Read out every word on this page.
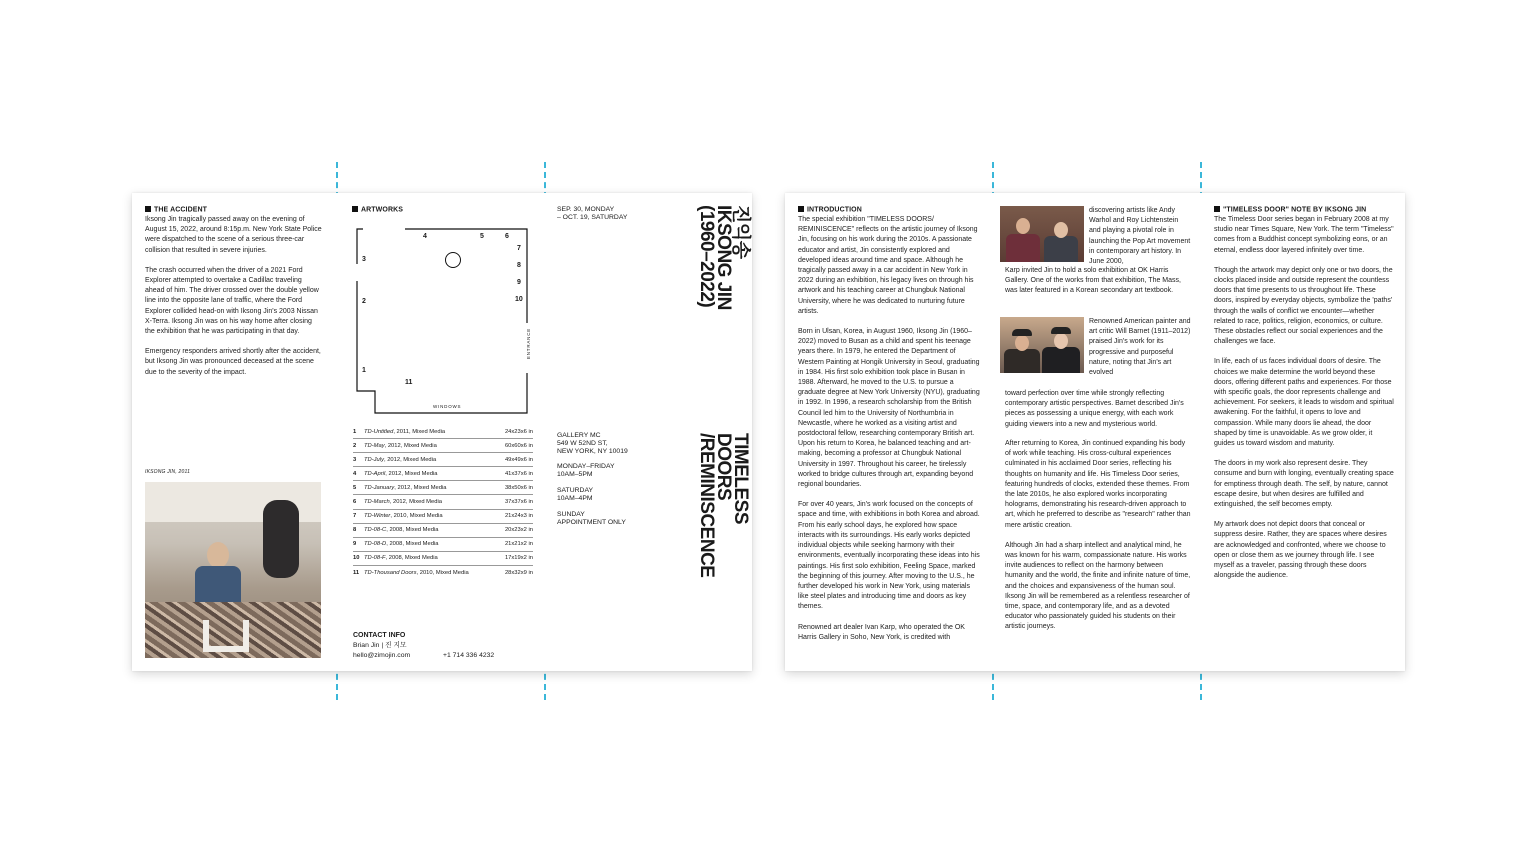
THE ACCIDENT

Iksong Jin tragically passed away on the evening of August 15, 2022, around 8:15p.m. New York State Police were dispatched to the scene of a serious three-car collision that resulted in severe injuries.

The crash occurred when the driver of a 2021 Ford Explorer attempted to overtake a Cadillac traveling ahead of him. The driver crossed over the double yellow line into the opposite lane of traffic, where the Ford Explorer collided head-on with Iksong Jin's 2003 Nissan X-Terra. Iksong Jin was on his way home after closing the exhibition that he was participating in that day.

Emergency responders arrived shortly after the accident, but Iksong Jin was pronounced deceased at the scene due to the severity of the impact.

IKSONG JIN, 2011
ARTWORKS
4	5	6
7
8
9
10
3
2
1
11
ENTRANCE
WINDOWS
1	TD-Untitled, 2011, Mixed Media	24x23x6 in
2	TD-May, 2012, Mixed Media	60x60x6 in
3	TD-July, 2012, Mixed Media	49x49x6 in
4	TD-April, 2012, Mixed Media	41x37x6 in
5	TD-January, 2012, Mixed Media	38x50x6 in
6	TD-March, 2012, Mixed Media	37x37x6 in
7	TD-Winter, 2010, Mixed Media	21x24x3 in
8	TD-08-C, 2008, Mixed Media	20x23x2 in
9	TD-08-D, 2008, Mixed Media	21x21x2 in
10 TD-08-F, 2008, Mixed Media	17x19x2 in
11 TD-Thousand Doors, 2010, Mixed Media	28x32x9 in
CONTACT INFO
Brian Jin | 진 지모
hello@zimojin.com	+1 714 336 4232
SEP. 30, MONDAY
– OCT. 19, SATURDAY
GALLERY MC
549 W 52ND ST,
NEW YORK, NY 10019
MONDAY–FRIDAY
10AM–5PM
SATURDAY
10AM–4PM
SUNDAY
APPOINTMENT ONLY
진익송
IKSONG JIN
(1960–2022)
TIMELESS
DOORS
/REMINISCENCE
INTRODUCTION

The special exhibition "TIMELESS DOORS/ REMINISCENCE" reflects on the artistic journey of Iksong Jin, focusing on his work during the 2010s. A passionate educator and artist, Jin consistently explored and developed ideas around time and space. Although he tragically passed away in a car accident in New York in 2022 during an exhibition, his legacy lives on through his artwork and his teaching career at Chungbuk National University, where he was dedicated to nurturing future artists.

Born in Ulsan, Korea, in August 1960, Iksong Jin (1960–2022) moved to Busan as a child and spent his teenage years there. In 1979, he entered the Department of Western Painting at Hongik University in Seoul, graduating in 1984. His first solo exhibition took place in Busan in 1988. Afterward, he moved to the U.S. to pursue a graduate degree at New York University (NYU), graduating in 1992. In 1996, a research scholarship from the British Council led him to the University of Northumbria in Newcastle, where he worked as a visiting artist and postdoctoral fellow, researching contemporary British art. Upon his return to Korea, he balanced teaching and art-making, becoming a professor at Chungbuk National University in 1997. Throughout his career, he tirelessly worked to bridge cultures through art, expanding beyond regional boundaries.

For over 40 years, Jin's work focused on the concepts of space and time, with exhibitions in both Korea and abroad. From his early school days, he explored how space interacts with its surroundings. His early works depicted individual objects while seeking harmony with their environments, eventually incorporating these ideas into his paintings. His first solo exhibition, Feeling Space, marked the beginning of this journey. After moving to the U.S., he further developed his work in New York, using materials like steel plates and introducing time and doors as key themes.

Renowned art dealer Ivan Karp, who operated the OK Harris Gallery in Soho, New York, is credited with

discovering artists like Andy Warhol and Roy Lichtenstein and playing a pivotal role in launching the Pop Art movement in contemporary art history. In June 2000,
Karp invited Jin to hold a solo exhibition at OK Harris Gallery. One of the works from that exhibition, The Mass, was later featured in a Korean secondary art textbook.
Renowned American painter and art critic Will Barnet (1911–2012) praised Jin's work for its progressive and purposeful nature, noting that Jin's art evolved
toward perfection over time while strongly reflecting contemporary artistic perspectives. Barnet described Jin's pieces as possessing a unique energy, with each work guiding viewers into a new and mysterious world.

After returning to Korea, Jin continued expanding his body of work while teaching. His cross-cultural experiences culminated in his acclaimed Door series, reflecting his thoughts on humanity and life. His Timeless Door series, featuring hundreds of clocks, extended these themes. From the late 2010s, he also explored works incorporating holograms, demonstrating his research-driven approach to art, which he preferred to describe as "research" rather than mere artistic creation.

Although Jin had a sharp intellect and analytical mind, he was known for his warm, compassionate nature. His works invite audiences to reflect on the harmony between humanity and the world, the finite and infinite nature of time, and the choices and expansiveness of the human soul. Iksong Jin will be remembered as a relentless researcher of time, space, and contemporary life, and as a devoted educator who passionately guided his students on their artistic journeys.

"TIMELESS DOOR" NOTE BY IKSONG JIN

The Timeless Door series began in February 2008 at my studio near Times Square, New York. The term "Timeless" comes from a Buddhist concept symbolizing eons, or an eternal, endless door layered infinitely over time.

Though the artwork may depict only one or two doors, the clocks placed inside and outside represent the countless doors that time presents to us throughout life. These doors, inspired by everyday objects, symbolize the 'paths' through the walls of conflict we encounter—whether related to race, politics, religion, economics, or culture. These obstacles reflect our social experiences and the challenges we face.

In life, each of us faces individual doors of desire. The choices we make determine the world beyond these doors, offering different paths and experiences. For those with specific goals, the door represents challenge and achievement. For seekers, it leads to wisdom and spiritual awakening. For the faithful, it opens to love and compassion. While many doors lie ahead, the door shaped by time is unavoidable. As we grow older, it guides us toward wisdom and maturity.

The doors in my work also represent desire. They consume and burn with longing, eventually creating space for emptiness through death. The self, by nature, cannot escape desire, but when desires are fulfilled and extinguished, the self becomes empty.

My artwork does not depict doors that conceal or suppress desire. Rather, they are spaces where desires are acknowledged and confronted, where we choose to open or close them as we journey through life. I see myself as a traveler, passing through these doors alongside the audience.
